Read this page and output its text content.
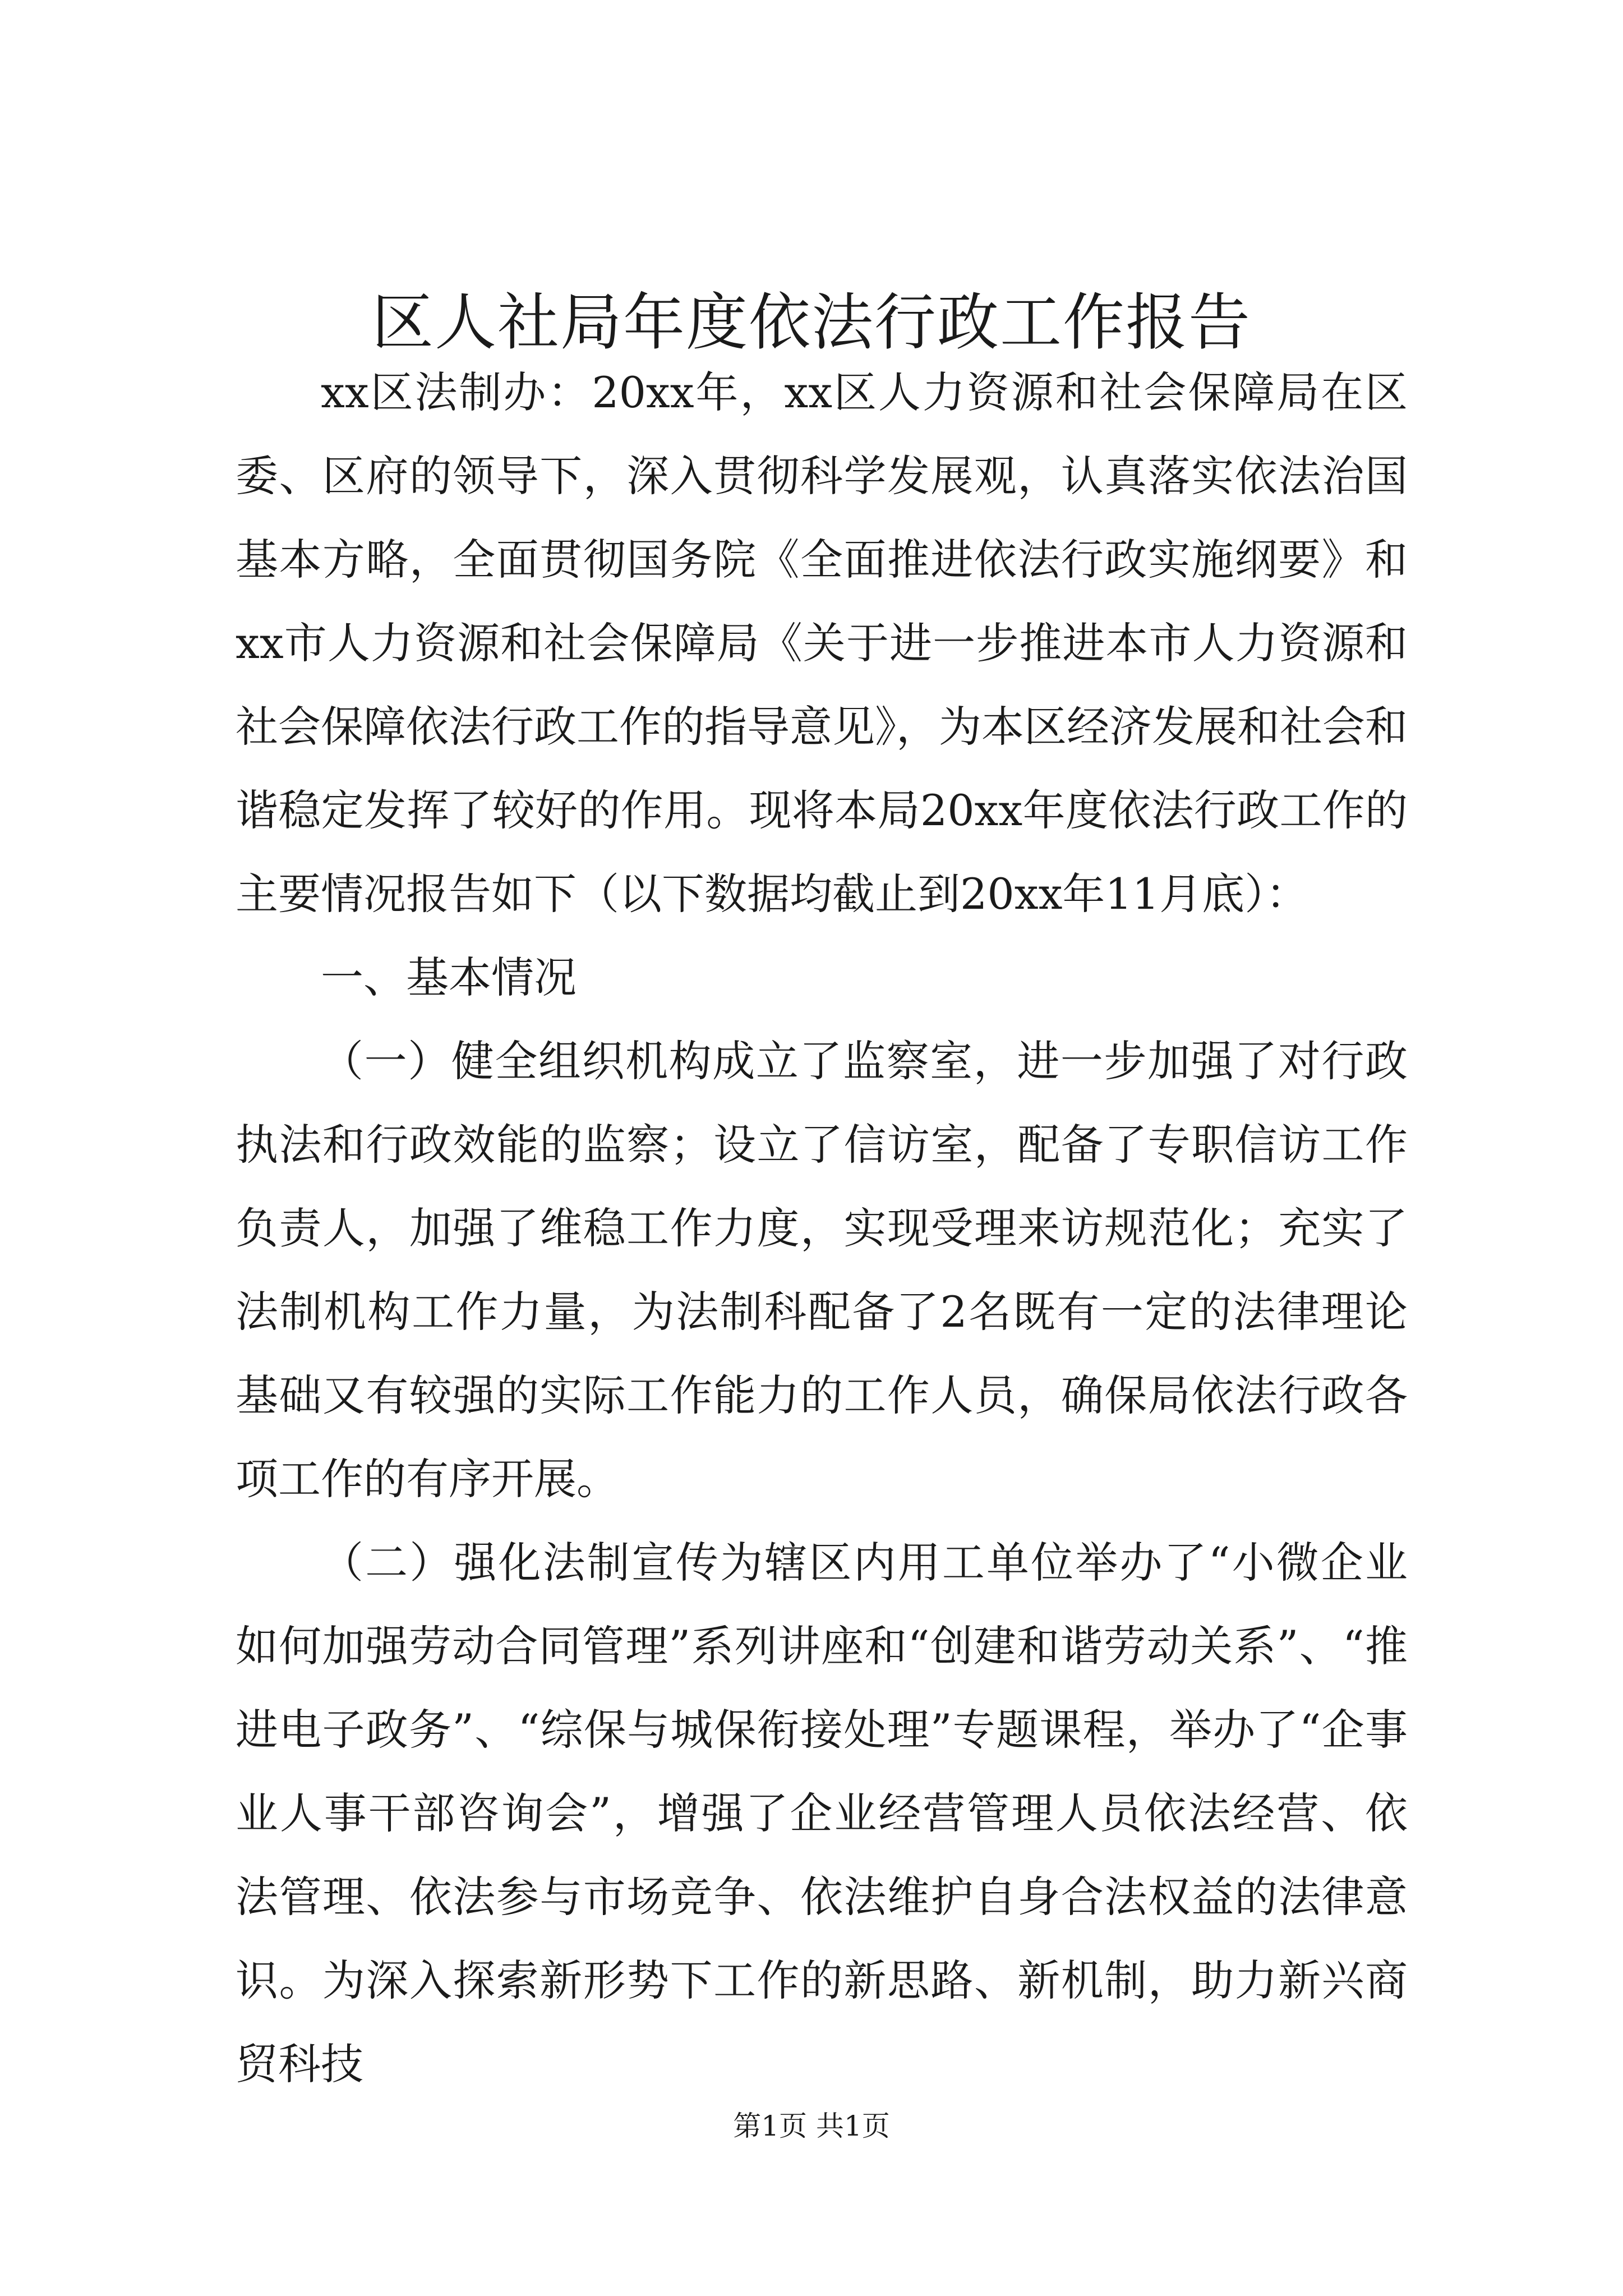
区人社局年度依法行政工作报告

xx区法制办：20xx年，xx区人力资源和社会保障局在区委、区府的领导下，深入贯彻科学发展观，认真落实依法治国基本方略，全面贯彻国务院《全面推进依法行政实施纲要》和xx市人力资源和社会保障局《关于进一步推进本市人力资源和社会保障依法行政工作的指导意见》，为本区经济发展和社会和谐稳定发挥了较好的作用。现将本局20xx年度依法行政工作的主要情况报告如下（以下数据均截止到20xx年11月底）：

一、基本情况

（一）健全组织机构成立了监察室，进一步加强了对行政执法和行政效能的监察；设立了信访室，配备了专职信访工作负责人，加强了维稳工作力度，实现受理来访规范化；充实了法制机构工作力量，为法制科配备了2名既有一定的法律理论基础又有较强的实际工作能力的工作人员，确保局依法行政各项工作的有序开展。

（二）强化法制宣传为辖区内用工单位举办了“小微企业如何加强劳动合同管理”系列讲座和“创建和谐劳动关系”、“推进电子政务”、“综保与城保衔接处理”专题课程，举办了“企事业人事干部咨询会”，增强了企业经营管理人员依法经营、依法管理、依法参与市场竞争、依法维护自身合法权益的法律意识。为深入探索新形势下工作的新思路、新机制，助力新兴商贸科技

第1页 共1页
